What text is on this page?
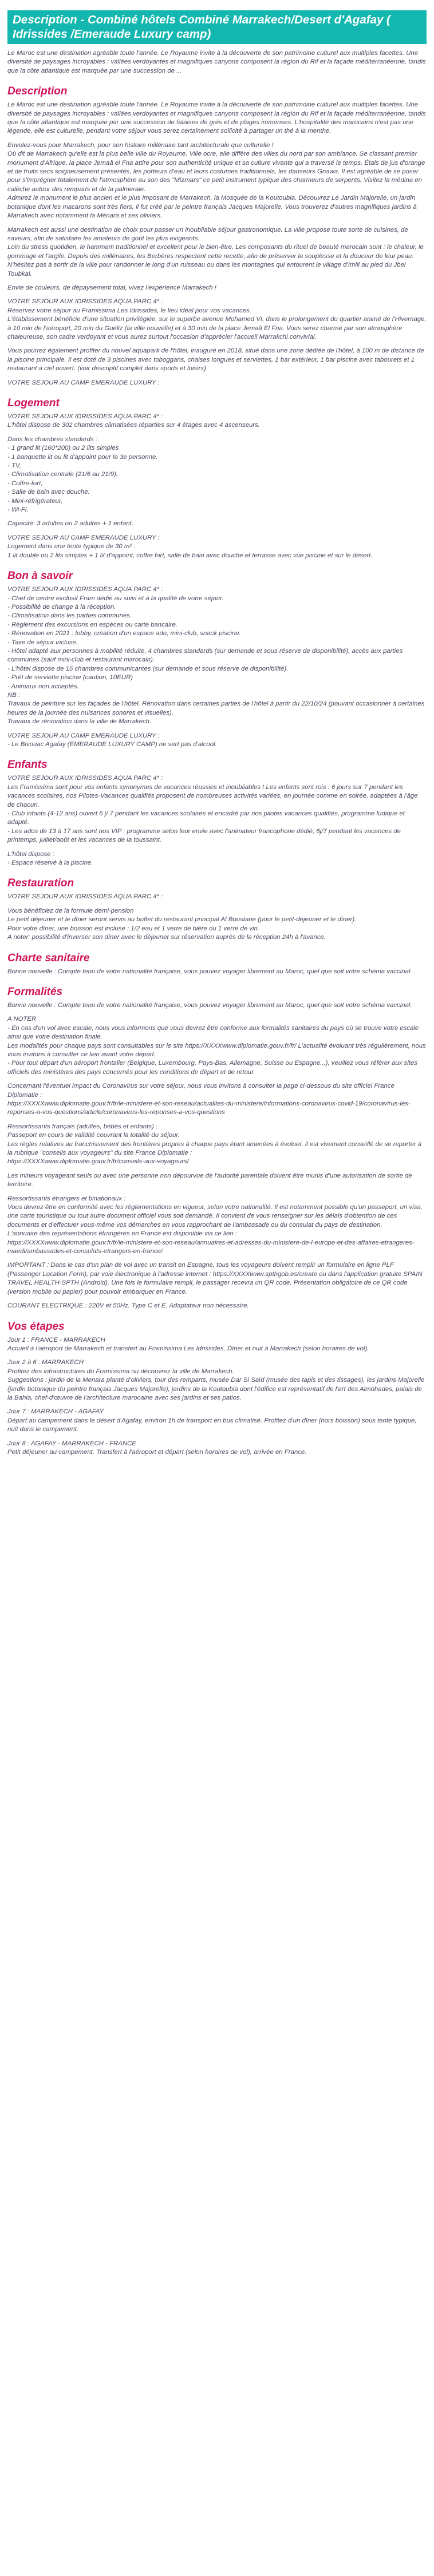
Description - Combiné hôtels Combiné Marrakech/Desert d'Agafay ( Idrissides /Emeraude Luxury camp)

Le Maroc est une destination agréable toute l'année. Le Royaume invite à la découverte de son patrimoine culturel aux multiples facettes. Une diversité de paysages incroyables : vallées verdoyantes et magnifiques canyons composent la région du Rif et la façade méditerranéenne, tandis que la côte atlantique est marquée par une succession de ...

Description
Le Maroc est une destination agréable toute l'année. Le Royaume invite à la découverte de son patrimoine culturel aux multiples facettes. Une diversité de paysages incroyables : vallées verdoyantes et magnifiques canyons composent la région du Rif et la façade méditerranéenne, tandis que la côte atlantique est marquée par une succession de falaises de grès et de plages immenses. L'hospitalité des marocains n'est pas une légende, elle est culturelle, pendant votre séjour vous serez certainement sollicité à partager un thé à la menthe.
Envolez-vous pour Marrakech, pour son histoire millénaire tant architecturale que culturelle !
Où dit de Marrakech qu'elle est la plus belle ville du Royaume. Ville ocre, elle diffère des villes du nord par son ambiance. Se classant premier monument d'Afrique, la place Jemaâ el Fna attire pour son authenticité unique et sa culture vivante qui a traversé le temps. Étals de jus d'orange et de fruits secs soigneusement présentés, les porteurs d'eau et leurs costumes traditionnels, les danseurs Gnawa. Il est agréable de se poser pour s'imprégner totalement de l'atmosphère au son des "Mizmars" ce petit instrument typique des charmeurs de serpents. Visitez la médina en calèche autour des remparts et de la palmeraie.
Admirez le monument le plus ancien et le plus imposant de Marrakech, la Mosquée de la Koutoubia. Découvrez Le Jardin Majorelle, un jardin botanique dont les macarons sont très fiers, il fut créé par le peintre français Jacques Majorelle. Vous trouverez d'autres magnifiques jardins à Marrakech avec notamment la Ménara et ses oliviers.
Marrakech est aussi une destination de choix pour passer un inoubliable séjour gastronomique. La ville propose toute sorte de cuisines, de saveurs, afin de satisfaire les amateurs de goût les plus exigeants.
Loin du stress quotidien, le hammam traditionnel et excellent pour le bien-être. Les composants du rituel de beauté marocain sont : le chaleur, le gommage et l'argile. Depuis des millénaires, les Berbères respectent cette recette, afin de préserver la souplesse et la douceur de leur peau.
N'hésitez pas à sortir de la ville pour randonner le long d'un ruisseau ou dans les montagnes qui entourent le village d'Imlil au pied du Jbel Toubkal.
Envie de couleurs, de dépaysement total, vivez l'expérience Marrakech !
VOTRE SEJOUR AUX IDRISSIDES AQUA PARC 4* :
Réservez votre séjour au Framissima Les Idrissides, le lieu idéal pour vos vacances.
L'établissement bénéficie d'une situation privilégiée, sur le superbe avenue Mohamed VI, dans le prolongement du quartier animé de l'Hivernage, à 10 min de l'aéroport, 20 min du Guéliz (la ville nouvelle) et à 30 min de la place Jemaâ El Fna. Vous serez charmé par son atmosphère chaleureuse, son cadre verdoyant et vous aurez surtout l'occasion d'apprécier l'accueil Marrakchi convivial.
Vous pourrez également profiter du nouvel aquapark de l'hôtel, inauguré en 2018, situé dans une zone dédiée de l'hôtel, à 100 m de distance de la piscine principale. Il est doté de 3 piscines avec toboggans, chaises longues et serviettes, 1 bar extérieur, 1 bar piscine avec tabourets et 1 restaurant à ciel ouvert. (voir descriptif complet dans sports et loisirs)
VOTRE SEJOUR AU CAMP EMERAUDE LUXURY :
Logement
VOTRE SEJOUR AUX IDRISSIDES AQUA PARC 4* :
L'hôtel dispose de 302 chambres climatisées réparties sur 4 étages avec 4 ascenseurs.
Dans les chambres standards :
- 1 grand lit (160*200) ou 2 lits simples
- 1 banquette lit ou lit d'appoint pour la 3e personne.
- TV,
- Climatisation centrale (21/6 au 21/9),
- Coffre-fort,
- Salle de bain avec douche.
- Mini-réfrigérateur,
- Wi-Fi.
Capacité: 3 adultes ou 2 adultes + 1 enfant.
VOTRE SEJOUR AU CAMP EMERAUDE LUXURY :
Logement dans une tente typique de 30 m² :
1 lit double ou 2 lits simples + 1 lit d'appoint, coffre fort, salle de bain avec douche et terrasse avec vue piscine et sur le désert.
Bon à savoir
VOTRE SEJOUR AUX IDRISSIDES AQUA PARC 4* :
- Chef de centre exclusif Fram dédié au suivi et à la qualité de votre séjour.
- Possibilité de change à la réception.
- Climatisation dans les parties communes.
- Règlement des excursions en espèces ou carte bancaire.
- Rénovation en 2021 : lobby, création d'un espace ado, mini-club, snack piscine.
- Taxe de séjour incluse.
- Hôtel adapté aux personnes à mobilité réduite, 4 chambres standards (sur demande et sous réserve de disponibilité), accès aux parties communes (sauf mini-club et restaurant marocain).
- L'hôtel dispose de 15 chambres communicantes (sur demande et sous réserve de disponibilité).
- Prêt de serviette piscine (caution, 10EUR)
- Animaux non acceptés.
NB :
Travaux de peinture sur les façades de l'hôtel. Rénovation dans certaines parties de l'hôtel à partir du 22/10/24 (pouvant occasionner à certaines heures de la journée des nuisances sonores et visuelles).
Travaux de rénovation dans la ville de Marrakech.
VOTRE SEJOUR AU CAMP EMERAUDE LUXURY :
- Le Bivouac Agafay (EMERAUDE LUXURY CAMP) ne sert pas d'alcool.
Enfants
VOTRE SEJOUR AUX IDRISSIDES AQUA PARC 4* :
Les Framissima sont pour vos enfants synonymes de vacances réussies et inoubliables ! Les enfants sont rois : 6 jours sur 7 pendant les vacances scolaires, nos Pilotes-Vacances qualifiés proposent de nombreuses activités variées, en journée comme en soirée, adaptées à l'âge de chacun.
- Club infants (4-12 ans) ouvert 6 j/ 7 pendant les vacances scolaires et encadré par nos pilotes vacances qualifiés, programme ludique et adapté.
- Les ados de 13 à 17 ans sont nos VIP : programme selon leur envie avec l'animateur francophone dédié, 6j/7 pendant les vacances de printemps, juillet/août et les vacances de la toussaint.
L'hôtel dispose :
- Espace réservé à la piscine.
Restauration
VOTRE SEJOUR AUX IDRISSIDES AQUA PARC 4* :
Vous bénéficiez de la formule demi-pension
Le petit déjeuner et le dîner seront servis au buffet du restaurant principal Al Boustane (pour le petit-déjeuner et le dîner).
Pour votre dîner, une boisson est incluse : 1/2 eau et 1 verre de bière ou 1 verre de vin.
A noter: possibilité d'inverser son dîner avec le déjeuner sur réservation auprès de la réception 24h à l'avance.
Charte sanitaire
Bonne nouvelle : Compte tenu de votre nationalité française, vous pouvez voyager librement au Maroc, quel que soit votre schéma vaccinal.
Formalités
Bonne nouvelle : Compte tenu de votre nationalité française, vous pouvez voyager librement au Maroc, quel que soit votre schéma vaccinal.
A NOTER
- En cas d'un vol avec escale, nous vous informons que vous devrez être conforme aux formalités sanitaires du pays où se trouve votre escale ainsi que votre destination finale.
Les modalités pour chaque pays sont consultables sur le site https://XXXXwww.diplomatie.gouv.fr/fr/ L'actualité évoluant très régulièrement, nous vous invitons à consulter ce lien avant votre départ.
- Pour tout départ d'un aéroport frontalier (Belgique, Luxembourg, Pays-Bas, Allemagne, Suisse ou Espagne...), veuillez vous référer aux sites officiels des ministères des pays concernés pour les conditions de départ et de retour.
Concernant l'éventuel impact du Coronavirus sur votre séjour, nous vous invitons à consulter la page ci-dessous du site officiel France Diplomatie :
https://XXXXwww.diplomatie.gouv.fr/fr/le-ministere-et-son-reseau/actualites-du-ministere/informations-coronavirus-covid-19/coronavirus-les-reponses-a-vos-questions/article/coronavirus-les-reponses-a-vos-questions
Ressortissants français (adultes, bébés et enfants) :
Passeport en cours de validité couvrant la totalité du séjour.
Les règles relatives au franchissement des frontières propres à chaque pays étant amenées à évoluer, il est vivement conseillé de se reporter à la rubrique "conseils aux voyageurs" du site France Diplomatie :
https://XXXXwww.diplomatie.gouv.fr/fr/conseils-aux-voyageurs/
Les mineurs voyageant seuls ou avec une personne non dépourvue de l'autorité parentale doivent être munis d'une autorisation de sortie de territoire.
Ressortissants étrangers et binationaux :
Vous devrez être en conformité avec les réglementations en vigueur, selon votre nationalité. Il est notamment possible qu'un passeport, un visa, une carte touristique ou tout autre document officiel vous soit demandé. Il convient de vous renseigner sur les délais d'obtention de ces documents et d'effectuer vous-même vos démarches en vous rapprochant de l'ambassade ou du consulat du pays de destination.
L'annuaire des représentations étrangères en France est disponible via ce lien :
https://XXXXwww.diplomatie.gouv.fr/fr/le-ministere-et-son-reseau/annuaires-et-adresses-du-ministere-de-l-europe-et-des-affaires-etrangeres-maedi/ambassades-et-consulats-etrangers-en-france/
IMPORTANT : Dans le cas d'un plan de vol avec un transit en Espagne, tous les voyageurs doivent remplir un formulaire en ligne PLF (Passenger Location Form), par voie électronique à l'adresse internet : https://XXXXwww.spthgob.es/create ou dans l'application gratuite SPAIN TRAVEL HEALTH-SPTH (Android). Une fois le formulaire rempli, le passager recevra un QR code. Présentation obligatoire de ce QR code (version mobile ou papier) pour pouvoir embarquer en France.
COURANT ELECTRIQUE : 220V et 50Hz. Type C et E. Adaptateur non nécessaire.
Vos étapes
Jour 1 : FRANCE - MARRAKECH
Accueil à l'aéroport de Marrakech et transfert au Framissima Les Idrissides. Dîner et nuit à Marrakech (selon horaires de vol).
Jour 2 à 6 : MARRAKECH
Profitez des infrastructures du Framissima ou découvrez la ville de Marrakech.
Suggestions : jardin de la Menara planté d'oliviers, tour des remparts, musée Dar Si Saïd (musée des tapis et des tissages), les jardins Majorelle (jardin botanique du peintre français Jacques Majorelle), jardins de la Koutoubia dont l'édifice est représentatif de l'art des Almohades, palais de la Bahia, chef-d'œuvre de l'architecture marocaine avec ses jardins et ses patios.
Jour 7 : MARRAKECH - AGAFAY
Départ au campement dans le désert d'Agafay, environ 1h de transport en bus climatisé. Profitez d'un dîner (hors boisson) sous tente typique, nuit dans le campement.
Jour 8 : AGAFAY - MARRAKECH - FRANCE
Petit déjeuner au campement. Transfert à l'aéroport et départ (selon horaires de vol), arrivée en France.
